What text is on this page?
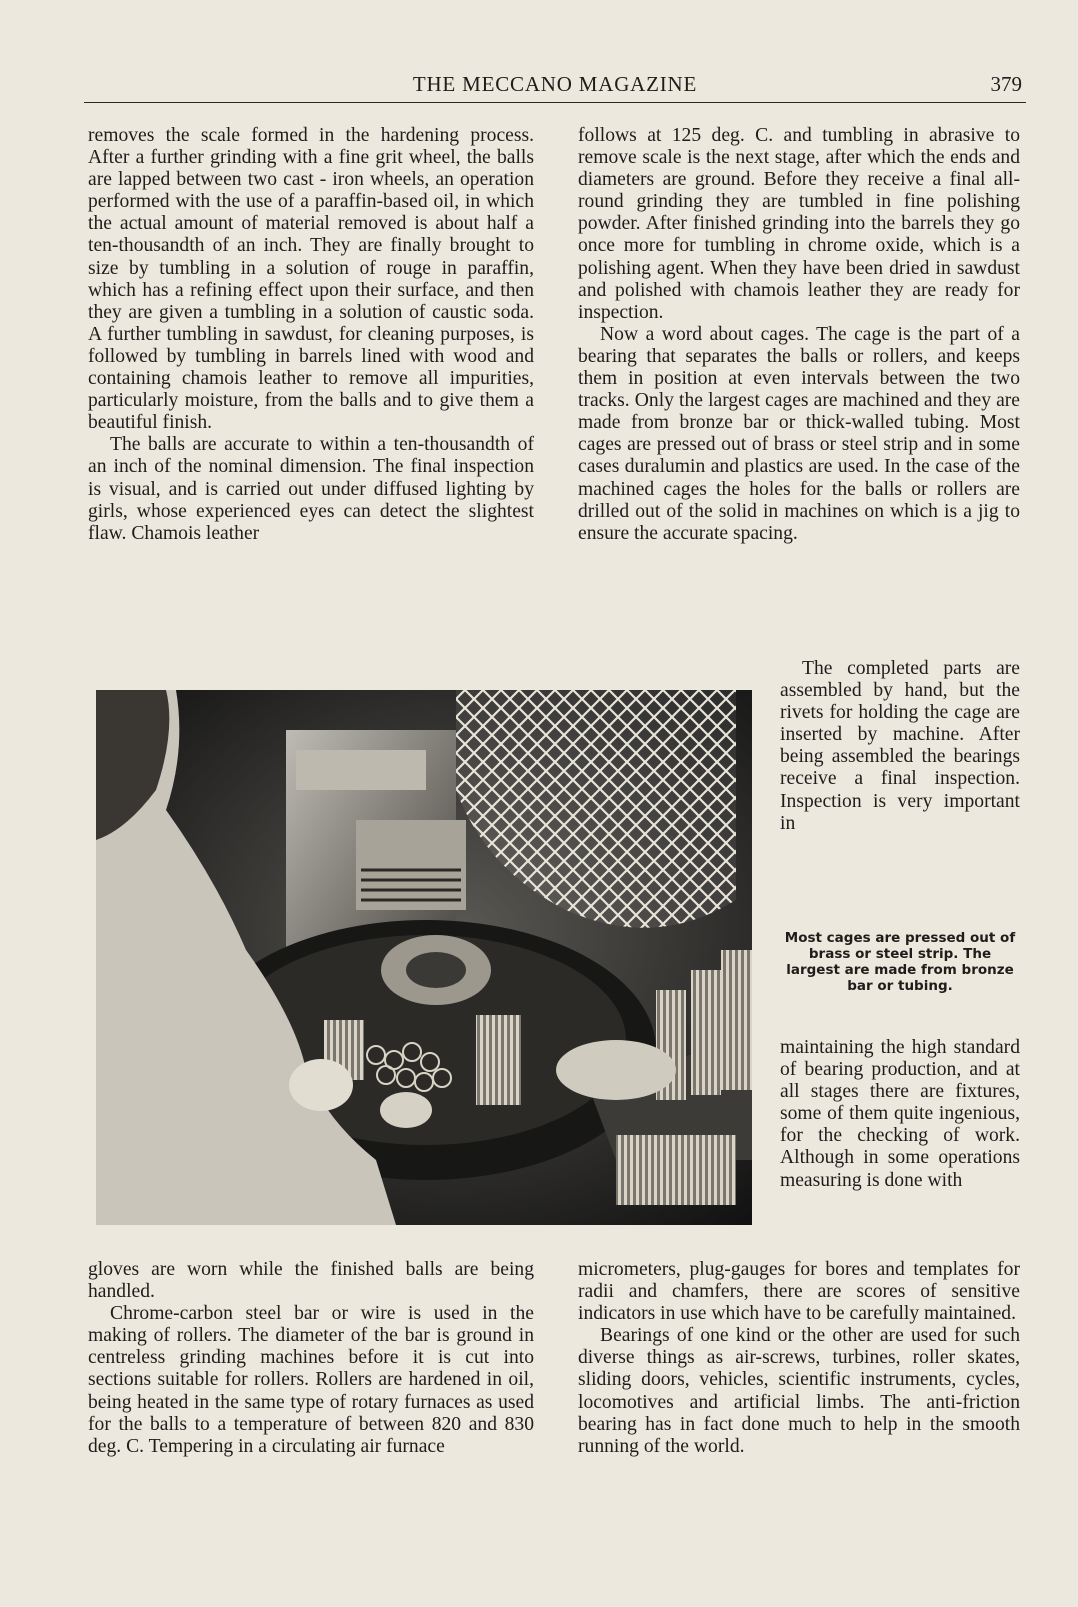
THE MECCANO MAGAZINE	379

removes the scale formed in the hardening process. After a further grinding with a fine grit wheel, the balls are lapped between two cast - iron wheels, an operation performed with the use of a paraffin-based oil, in which the actual amount of material removed is about half a ten-thousandth of an inch. They are finally brought to size by tumbling in a solution of rouge in paraffin, which has a refining effect upon their surface, and then they are given a tumbling in a solution of caustic soda. A further tumbling in sawdust, for cleaning purposes, is followed by tumbling in barrels lined with wood and containing chamois leather to remove all impurities, particularly moisture, from the balls and to give them a beautiful finish.

The balls are accurate to within a ten-thousandth of an inch of the nominal dimension. The final inspection is visual, and is carried out under diffused lighting by girls, whose experienced eyes can detect the slightest flaw. Chamois leather

follows at 125 deg. C. and tumbling in abrasive to remove scale is the next stage, after which the ends and diameters are ground. Before they receive a final all-round grinding they are tumbled in fine polishing powder. After finished grinding into the barrels they go once more for tumbling in chrome oxide, which is a polishing agent. When they have been dried in sawdust and polished with chamois leather they are ready for inspection.

Now a word about cages. The cage is the part of a bearing that separates the balls or rollers, and keeps them in position at even intervals between the two tracks. Only the largest cages are machined and they are made from bronze bar or thick-walled tubing. Most cages are pressed out of brass or steel strip and in some cases duralumin and plastics are used. In the case of the machined cages the holes for the balls or rollers are drilled out of the solid in machines on which is a jig to ensure the accurate spacing.

The completed parts are assembled by hand, but the rivets for holding the cage are inserted by machine. After being assembled the bearings receive a final inspection. Inspection is very important in

Most cages are pressed out of brass or steel strip. The largest are made from bronze bar or tubing.

maintaining the high standard of bearing production, and at all stages there are fixtures, some of them quite ingenious, for the checking of work. Although in some operations measuring is done with

gloves are worn while the finished balls are being handled.

Chrome-carbon steel bar or wire is used in the making of rollers. The diameter of the bar is ground in centreless grinding machines before it is cut into sections suitable for rollers. Rollers are hardened in oil, being heated in the same type of rotary furnaces as used for the balls to a temperature of between 820 and 830 deg. C. Tempering in a circulating air furnace

micrometers, plug-gauges for bores and templates for radii and chamfers, there are scores of sensitive indicators in use which have to be carefully maintained.

Bearings of one kind or the other are used for such diverse things as air-screws, turbines, roller skates, sliding doors, vehicles, scientific instruments, cycles, locomotives and artificial limbs. The anti-friction bearing has in fact done much to help in the smooth running of the world.
